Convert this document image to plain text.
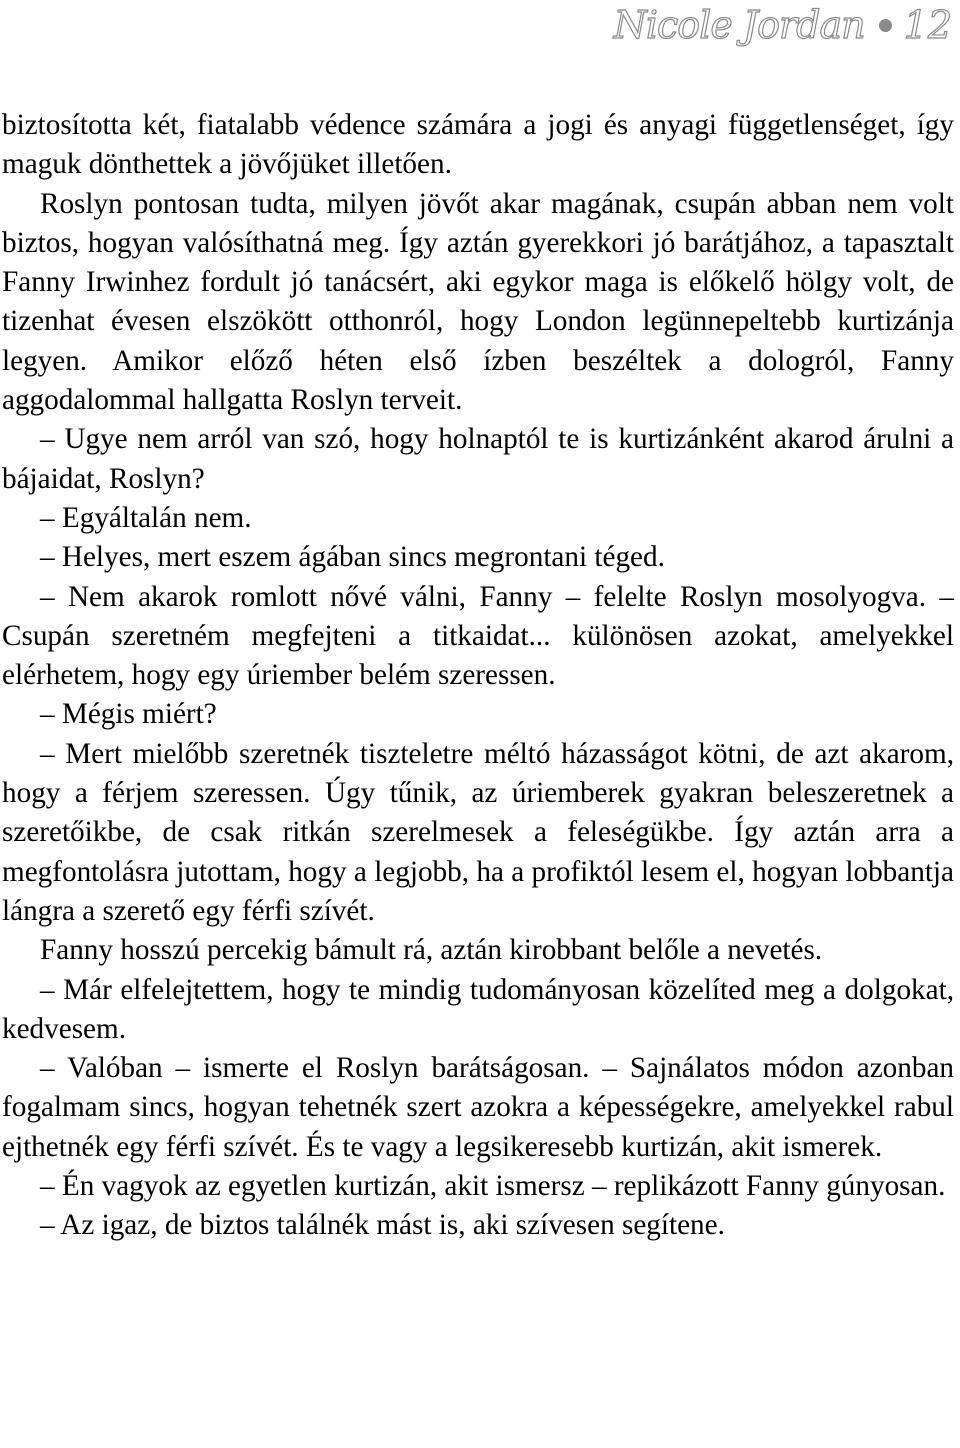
Nicole Jordan 12

biztosította két, fiatalabb védence számára a jogi és anyagi függetlenséget, így maguk dönthettek a jövőjüket illetően.

Roslyn pontosan tudta, milyen jövőt akar magának, csupán abban nem volt biztos, hogyan valósíthatná meg. Így aztán gyerekkori jó barátjához, a tapasztalt Fanny Irwinhez fordult jó tanácsért, aki egykor maga is előkelő hölgy volt, de tizenhat évesen elszökött otthonról, hogy London legünnepeltebb kurtizánja legyen. Amikor előző héten első ízben beszéltek a dologról, Fanny aggodalommal hallgatta Roslyn terveit.

– Ugye nem arról van szó, hogy holnaptól te is kurtizánként akarod árulni a bájaidat, Roslyn?

– Egyáltalán nem.

– Helyes, mert eszem ágában sincs megrontani téged.

– Nem akarok romlott nővé válni, Fanny – felelte Roslyn mosolyogva. – Csupán szeretném megfejteni a titkaidat... különösen azokat, amelyekkel elérhetem, hogy egy úriember belém szeressen.

– Mégis miért?

– Mert mielőbb szeretnék tiszteletre méltó házasságot kötni, de azt akarom, hogy a férjem szeressen. Úgy tűnik, az úriemberek gyakran beleszeretnek a szeretőikbe, de csak ritkán szerelmesek a feleségükbe. Így aztán arra a megfontolásra jutottam, hogy a legjobb, ha a profiktól lesem el, hogyan lobbantja lángra a szerető egy férfi szívét.

Fanny hosszú percekig bámult rá, aztán kirobbant belőle a nevetés.

– Már elfelejtettem, hogy te mindig tudományosan közelíted meg a dolgokat, kedvesem.

– Valóban – ismerte el Roslyn barátságosan. – Sajnálatos módon azonban fogalmam sincs, hogyan tehetnék szert azokra a képességekre, amelyekkel rabul ejthetnék egy férfi szívét. És te vagy a legsikeresebb kurtizán, akit ismerek.

– Én vagyok az egyetlen kurtizán, akit ismersz – replikázott Fanny gúnyosan.

– Az igaz, de biztos találnék mást is, aki szívesen segítene.
